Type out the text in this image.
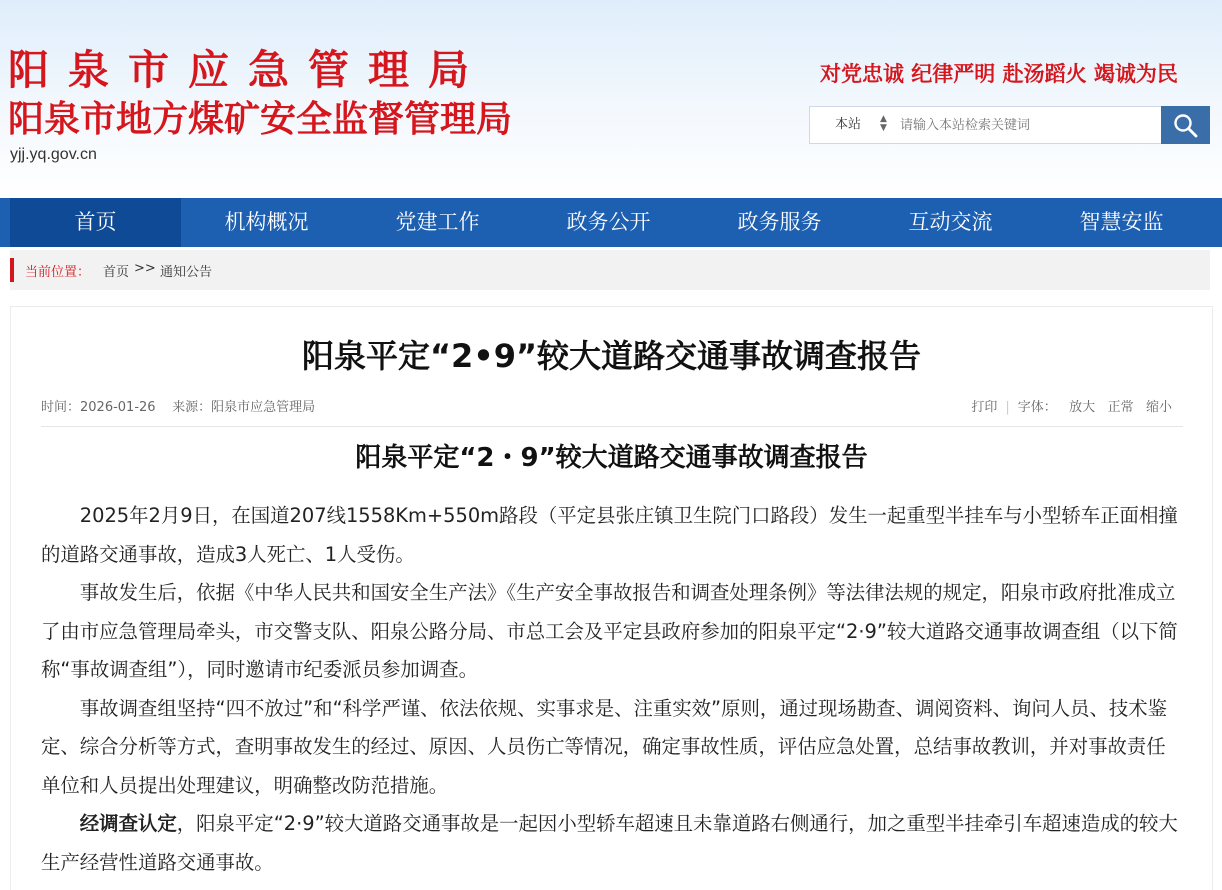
阳泉市应急管理局
阳泉市地方煤矿安全监督管理局
yjj.yq.gov.cn
对党忠诚 纪律严明 赴汤蹈火 竭诚为民
本站 ▲
▼
请输入本站检索关键词
首页	机构概况	党建工作	政务公开	政务服务	互动交流	智慧安监
当前位置： 首页 >> 通知公告
阳泉平定“2•9”较大道路交通事故调查报告
时间：2026-01-26 来源：阳泉市应急管理局	打印 | 字体： 放大 正常 缩小
阳泉平定“2・9”较大道路交通事故调查报告

2025年2月9日，在国道207线1558Km+550m路段（平定县张庄镇卫生院门口路段）发生一起重型半挂车与小型轿车正面相撞的道路交通事故，造成3人死亡、1人受伤。

事故发生后，依据《中华人民共和国安全生产法》《生产安全事故报告和调查处理条例》等法律法规的规定，阳泉市政府批准成立了由市应急管理局牵头，市交警支队、阳泉公路分局、市总工会及平定县政府参加的阳泉平定“2·9”较大道路交通事故调查组（以下简称“事故调查组”），同时邀请市纪委派员参加调查。

事故调查组坚持“四不放过”和“科学严谨、依法依规、实事求是、注重实效”原则，通过现场勘查、调阅资料、询问人员、技术鉴定、综合分析等方式，查明事故发生的经过、原因、人员伤亡等情况，确定事故性质，评估应急处置，总结事故教训，并对事故责任单位和人员提出处理建议，明确整改防范措施。

经调查认定，阳泉平定“2·9”较大道路交通事故是一起因小型轿车超速且未靠道路右侧通行，加之重型半挂牵引车超速造成的较大生产经营性道路交通事故。
